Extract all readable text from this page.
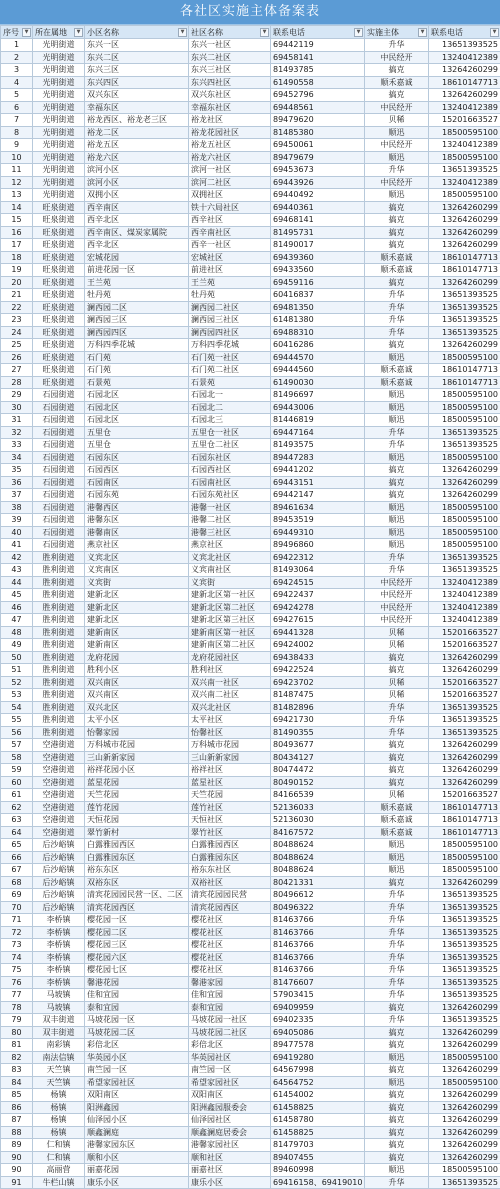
各社区实施主体备案表
序号 ▼	所在属地 ▼	小区名称 ▼	社区名称 ▼	联系电话 ▼	实施主体 ▼	联系电话 ▼

1	光明街道	东兴一区	东兴一社区	69442119	升华	13651393525
2	光明街道	东兴二区	东兴二社区	69458141	中民经开	13240412389
3	光明街道	东兴三区	东兴三社区	81493785	搞克	13264260299
4	光明街道	东兴四区	东兴四社区	61490558	顺禾嘉诚	18610147713
5	光明街道	双兴东区	双兴东社区	69452796	搞克	13264260299
6	光明街道	幸福东区	幸福东社区	69448561	中民经开	13240412389
7	光明街道	裕龙西区、裕龙老三区	裕龙社区	89479620	贝稀	15201663527
8	光明街道	裕龙二区	裕龙花园社区	81485380	顺迅	18500595100
9	光明街道	裕龙五区	裕龙五社区	69450061	中民经开	13240412389
10	光明街道	裕龙六区	裕龙六社区	89479679	顺迅	18500595100
11	光明街道	滨河小区	滨河一社区	69453673	升华	13651393525
12	光明街道	滨河小区	滨河二社区	69443926	中民经开	13240412389
13	光明街道	双拥小区	双拥社区	69440492	顺迅	18500595100
14	旺泉街道	西辛南区	铁十六局社区	69440361	搞克	13264260299
15	旺泉街道	西辛北区	西辛社区	69468141	搞克	13264260299
16	旺泉街道	西辛南区、煤炭家属院	西辛南社区	81495731	搞克	13264260299
17	旺泉街道	西辛北区	西辛一社区	81490017	搞克	13264260299
18	旺泉街道	宏城花园	宏城社区	69439360	顺禾嘉诚	18610147713
19	旺泉街道	前进花园一区	前进社区	69433560	顺禾嘉诚	18610147713
20	旺泉街道	王兰苑	王兰苑	69459116	搞克	13264260299
21	旺泉街道	牡丹苑	牡丹苑	60416837	升华	13651393525
22	旺泉街道	澜西园二区	澜西园二社区	69481350	升华	13651393525
23	旺泉街道	澜西园三区	澜西园三社区	61481380	升华	13651393525
24	旺泉街道	澜西园四区	澜西园四社区	69488310	升华	13651393525
25	旺泉街道	万科四季花城	万科四季花城	60416286	搞克	13264260299
26	旺泉街道	石门苑	石门苑一社区	69444570	顺迅	18500595100
27	旺泉街道	石门苑	石门苑二社区	69444560	顺禾嘉诚	18610147713
28	旺泉街道	石景苑	石景苑	61490030	顺禾嘉诚	18610147713
29	石园街道	石园北区	石园北一	81496697	顺迅	18500595100
30	石园街道	石园北区	石园北二	69443006	顺迅	18500595100
31	石园街道	石园北区	石园北三	81446819	顺迅	18500595100
32	石园街道	五里仓	五里仓一社区	69447164	升华	13651393525
33	石园街道	五里仓	五里仓二社区	81493575	升华	13651393525
34	石园街道	石园东区	石园东社区	89447283	顺迅	18500595100
35	石园街道	石园西区	石园西社区	69441202	搞克	13264260299
36	石园街道	石园南区	石园南社区	69443151	搞克	13264260299
37	石园街道	石园东苑	石园东苑社区	69442147	搞克	13264260299
38	石园街道	港馨西区	港馨一社区	89461634	顺迅	18500595100
39	石园街道	港馨东区	港馨二社区	89453519	顺迅	18500595100
40	石园街道	港馨南区	港馨三社区	69449310	顺迅	18500595100
41	石园街道	燕京社区	燕京社区	89496860	顺迅	18500595100
42	胜利街道	义宾北区	义宾北社区	69422312	升华	13651393525
43	胜利街道	义宾南区	义宾南社区	81493064	升华	13651393525
44	胜利街道	义宾街	义宾街	69424515	中民经开	13240412389
45	胜利街道	建新北区	建新北区第一社区	69422437	中民经开	13240412389
46	胜利街道	建新北区	建新北区第二社区	69424278	中民经开	13240412389
47	胜利街道	建新北区	建新北区第三社区	69427615	中民经开	13240412389
48	胜利街道	建新南区	建新南区第一社区	69441328	贝稀	15201663527
49	胜利街道	建新南区	建新南区第二社区	69424002	贝稀	15201663527
50	胜利街道	龙府花园	龙府花园社区	69438433	搞克	13264260299
51	胜利街道	胜利小区	胜利社区	69422524	搞克	13264260299
52	胜利街道	双兴南区	双兴南一社区	69423702	贝稀	15201663527
53	胜利街道	双兴南区	双兴南二社区	81487475	贝稀	15201663527
54	胜利街道	双兴北区	双兴北社区	81482896	升华	13651393525
55	胜利街道	太平小区	太平社区	69421730	升华	13651393525
56	胜利街道	怡馨家园	怡馨社区	81490355	升华	13651393525
57	空港街道	万科城市花园	万科城市花园	80493677	搞克	13264260299
58	空港街道	三山新新家园	三山新新家园	80434127	搞克	13264260299
59	空港街道	裕祥花园小区	裕祥社区	80474472	搞克	13264260299
60	空港街道	蓝星花园	蓝星社区	80490152	搞克	13264260299
61	空港街道	天竺花园	天竺花园	84166539	贝稀	15201663527
62	空港街道	莲竹花园	莲竹社区	52136033	顺禾嘉诚	18610147713
63	空港街道	天恒花园	天恒社区	52136030	顺禾嘉诚	18610147713
64	空港街道	翠竹新村	翠竹社区	84167572	顺禾嘉诚	18610147713
65	后沙峪镇	白露雅园西区	白露雅园西区	80488624	顺迅	18500595100
66	后沙峪镇	白露雅园东区	白露雅园东区	80488624	顺迅	18500595100
67	后沙峪镇	裕东东区	裕东东社区	80488624	顺迅	18500595100
68	后沙峪镇	双裕东区	双裕社区	80421331	搞克	13264260299
69	后沙峪镇	清宾花园园民营一区、二区	清宾花园园民营	80496612	升华	13651393525
70	后沙峪镇	清宾花园西区	清宾花园西区	80496322	升华	13651393525
71	李桥镇	樱花园一区	樱花社区	81463766	升华	13651393525
72	李桥镇	樱花园二区	樱花社区	81463766	升华	13651393525
73	李桥镇	樱花园三区	樱花社区	81463766	升华	13651393525
74	李桥镇	樱花园六区	樱花社区	81463766	升华	13651393525
75	李桥镇	樱花园七区	樱花社区	81463766	升华	13651393525
76	李桥镇	馨港花园	馨港家园	81476607	升华	13651393525
77	马坡镇	佳和宜园	佳和宜园	57903415	升华	13651393525
78	马坡镇	泰和宜园	泰和宜园	69409959	搞克	13264260299
79	双丰街道	马坡花园一区	马坡花园一社区	69402335	升华	13651393525
80	双丰街道	马坡花园二区	马坡花园二社区	69405086	搞克	13264260299
81	南彩镇	彩倍北区	彩倍北区	89477578	搞克	13264260299
82	南法信镇	华英园小区	华英园社区	69419280	顺迅	18500595100
83	天竺镇	南竺园一区	南竺园一区	64567998	搞克	13264260299
84	天竺镇	希望家园社区	希望家园社区	64564752	顺迅	18500595100
85	杨镇	双阳南区	双阳南区	61454002	搞克	13264260299
86	杨镇	阳洲鑫园	阳洲鑫园服委会	61458825	搞克	13264260299
87	杨镇	仙泽园小区	仙泽园社区	61458780	搞克	13264260299
88	杨镇	顺鑫澜庭	顺鑫澜庭居委会	61458825	搞克	13264260299
89	仁和镇	港馨家园东区	港馨家园社区	81479703	搞克	13264260299
90	仁和镇	顺和小区	顺和社区	89407455	搞克	13264260299
90	高丽营	丽嘉花园	丽嘉社区	89460998	顺迅	18500595100
91	牛栏山镇	康乐小区	康乐小区	69416158、69419010	升华	13651393525
